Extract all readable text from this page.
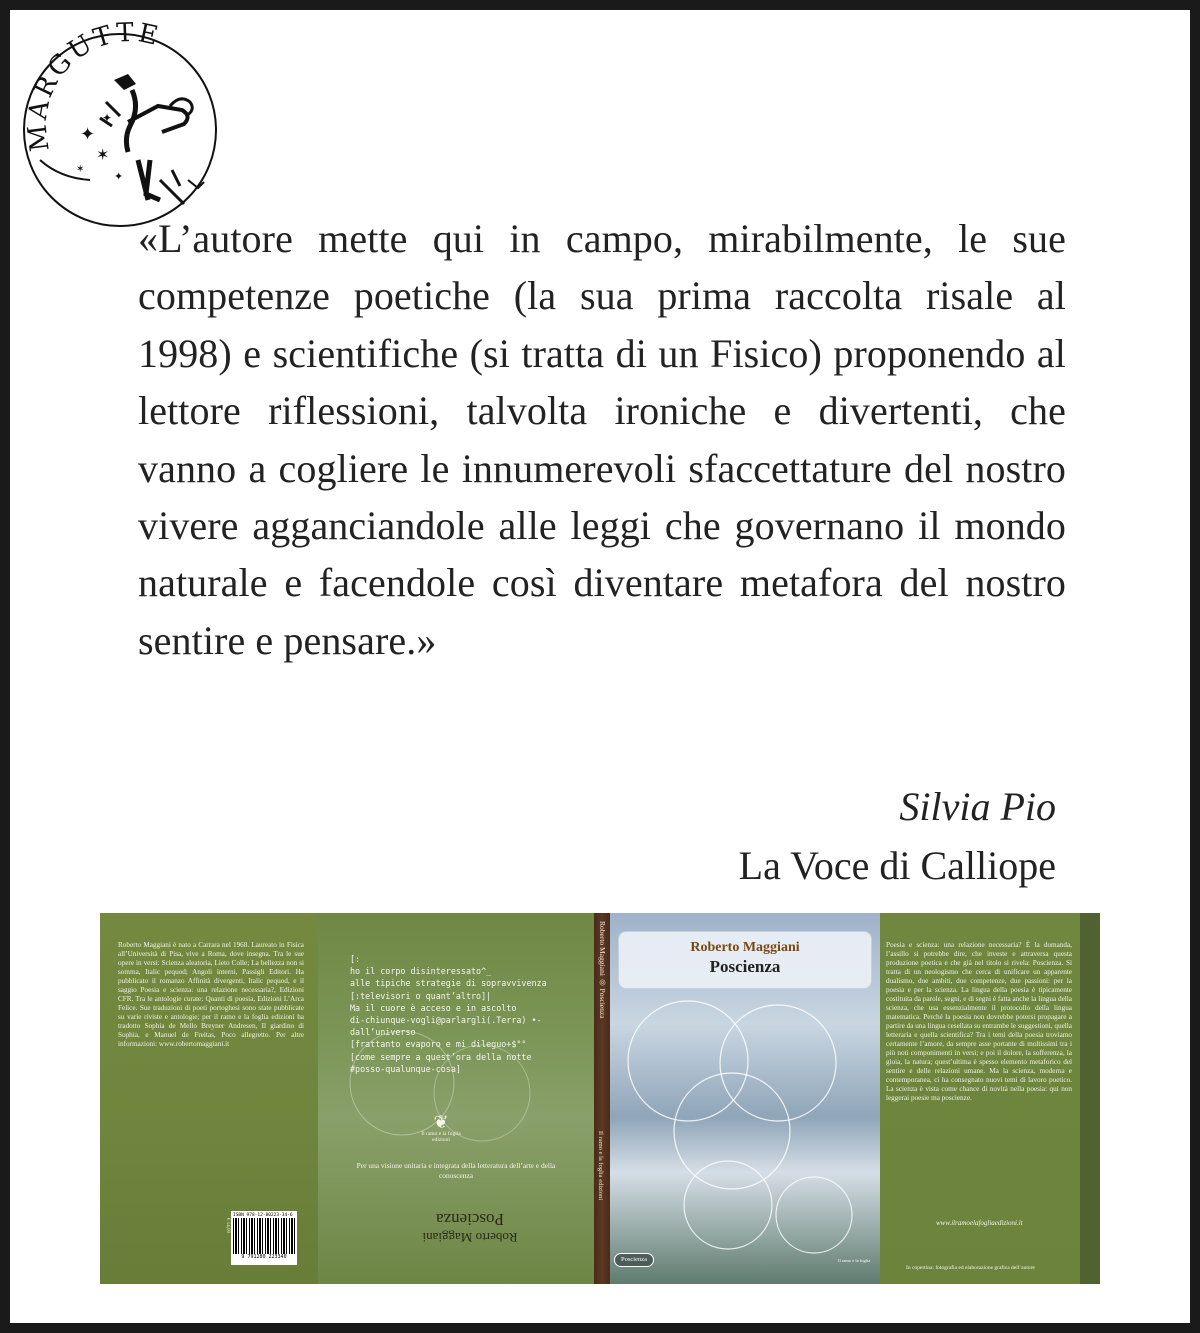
MARGUTTE
✦
✶
✦
✶
✦
«L’autore mette qui in campo, mirabilmente, le sue competenze poetiche (la sua prima raccolta risale al 1998) e scientifiche (si tratta di un Fisico) proponendo al lettore riflessioni, talvolta ironiche e divertenti, che vanno a cogliere le innumerevoli sfaccettature del nostro vivere agganciandole alle leggi che governano il mondo naturale e facendole così diventare metafora del nostro sentire e pensare.»
Silvia Pio
La Voce di Calliope
Roberto Maggiani è nato a Carrara nel 1968. Laureato in Fisica all’Università di Pisa, vive a Roma, dove insegna. Tra le sue opere in versi: Scienza aleatoria, Lieto Colle; La bellezza non si somma, Italic pequod; Angoli interni, Passigli Editori. Ha pubblicato il romanzo Affinità divergenti, Italic pequod, e il saggio Poesia e scienza: una relazione necessaria?, Edizioni CFR. Tra le antologie curate: Quanti di poesia, Edizioni L’Arca Felice. Sue traduzioni di poeti portoghesi sono state pubblicate su varie riviste e antologie; per il ramo e la foglia edizioni ha tradotto Sophia de Mello Breyner Andresen, Il giardino di Sophia, e Manuel de Freitas, Poco allegretto. Per altre informazioni: www.robertomaggiani.it
[:
ho il corpo disinteressato^_
alle tipiche strategie di sopravvivenza
[:televisori o quant’altro]|
Ma il cuore è acceso e in ascolto
di-chiunque-vogli@parlargli(.Terra) •-dall’universo
[frattanto evaporo e mi dileguo+$°°
[come sempre a quest’ora della notte
#posso-qualunque-cosa]
❦
Il ramo e la foglia
edizioni
Per una visione unitaria e integrata della letteratura dell’arte e della conoscenza
Roberto Maggiani
Poscienza
ISBN 978-12-80223-34-6
9 791280 223340
€ 14,00
Roberto Maggiani ◎ Poscienza
Il ramo e la foglia edizioni
Roberto Maggiani
Poscienza
Poscienza	Il ramo e la foglia
Poesia e scienza: una relazione necessaria? È la domanda, l’assillo si potrebbe dire, che investe e attraversa questa produzione poetica e che già nel titolo si rivela: Poscienza. Si tratta di un neologismo che cerca di unificare un apparente dualismo, due ambiti, due competenze, due passioni: per la poesia e per la scienza. La lingua della poesia è tipicamente costituita da parole, segni, e di segni è fatta anche la lingua della scienza, che usa essenzialmente il protocollo della lingua matematica. Perché la poesia non dovrebbe potersi propagare a partire da una lingua cesellata su entrambe le suggestioni, quella letteraria e quella scientifica? Tra i temi della poesia troviamo certamente l’amore, da sempre asse portante di moltissimi tra i più noti componimenti in versi; e poi il dolore, la sofferenza, la gioia, la natura; quest’ultima è spesso elemento metaforico del sentire e delle relazioni umane. Ma la scienza, moderna e contemporanea, ci ha consegnato nuovi temi di lavoro poetico. La scienza è vista come chance di novità nella poesia: qui non leggerai poesie ma poscienze.
www.ilramoelafogliaedizioni.it
In copertina: fotografia ed elaborazione grafica dell’autore
